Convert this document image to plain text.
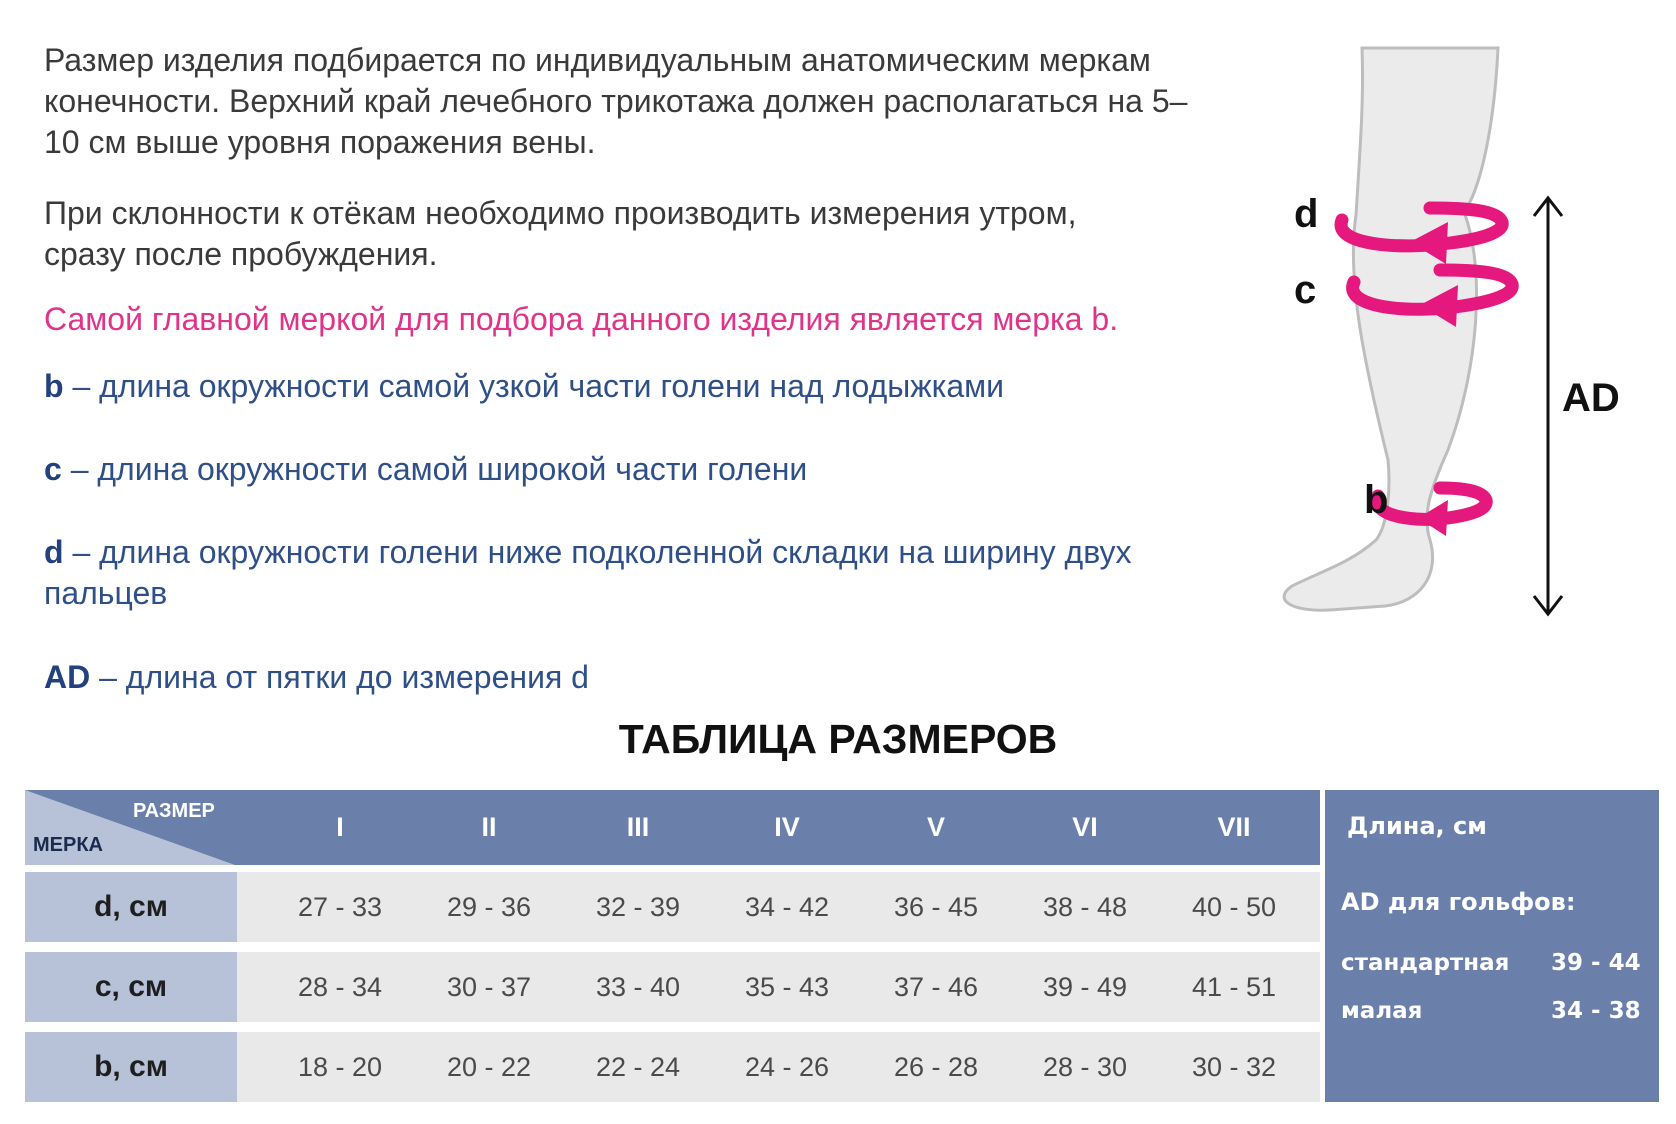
Размер изделия подбирается по индивидуальным анатомическим меркам конечности. Верхний край лечебного трикотажа должен располагаться на 5–10 см выше уровня поражения вены.

При склонности к отёкам необходимо производить измерения утром, сразу после пробуждения.

Самой главной меркой для подбора данного изделия является мерка b.

b – длина окружности самой узкой части голени над лодыжками

c – длина окружности самой широкой части голени

d – длина окружности голени ниже подколенной складки на ширину двух пальцев

AD – длина от пятки до измерения d

d
c
b
AD
ТАБЛИЦА РАЗМЕРОВ
I	II	III	IV	V	VI	VII
РАЗМЕР
МЕРКА
d, см	27 - 33	29 - 36	32 - 39	34 - 42	36 - 45	38 - 48	40 - 50
c, см	28 - 34	30 - 37	33 - 40	35 - 43	37 - 46	39 - 49	41 - 51
b, см	18 - 20	20 - 22	22 - 24	24 - 26	26 - 28	28 - 30	30 - 32
Длина, см
AD для гольфов:
стандартная 39 - 44
малая	34 - 38
